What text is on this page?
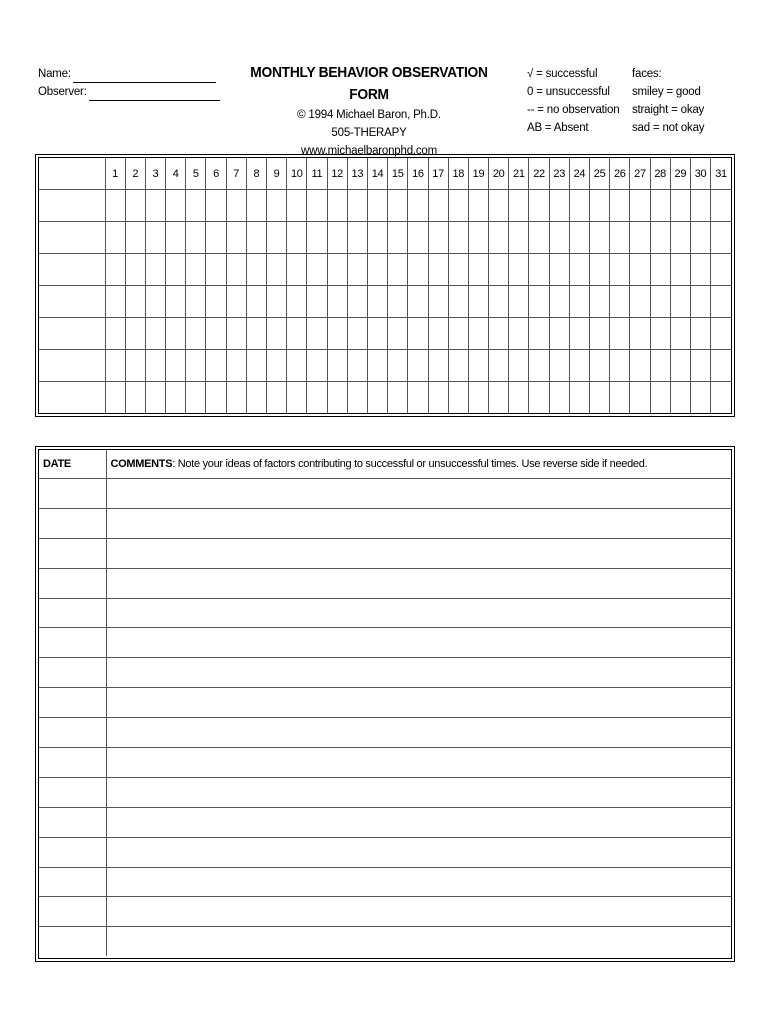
Name:
Observer:
MONTHLY BEHAVIOR OBSERVATION FORM
© 1994 Michael Baron, Ph.D.
505-THERAPY
www.michaelbaronphd.com
√ = successful
0 = unsuccessful
-- = no observation
AB = Absent
faces:
smiley = good
straight = okay
sad = not okay
	1	2	3	4	5	6	7	8	9	10	11	12	13	14	15	16	17	18	19	20	21	22	23	24	25	26	27	28	29	30	31

DATE	COMMENTS: Note your ideas of factors contributing to successful or unsuccessful times. Use reverse side if needed.
